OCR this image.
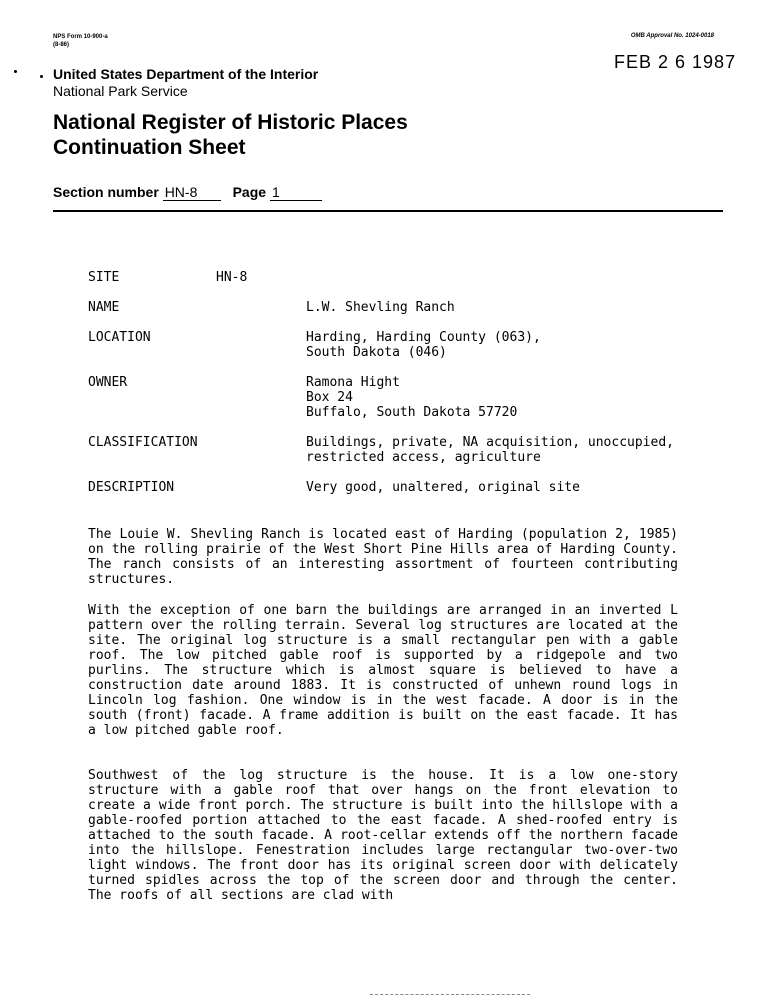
NPS Form 10-900-a
(8-86)
OMB Approval No. 1024-0018
FEB 2 6 1987
United States Department of the Interior
National Park Service
National Register of Historic Places
Continuation Sheet
Section number HN-8	Page 1
SITE	HN-8

NAME	L.W. Shevling Ranch
LOCATION	Harding, Harding County (063),
South Dakota (046)
OWNER	Ramona Hight
Box 24
Buffalo, South Dakota 57720
CLASSIFICATION	Buildings, private, NA acquisition, unoccupied, restricted access, agriculture
DESCRIPTION	Very good, unaltered, original site
The Louie W. Shevling Ranch is located east of Harding (population 2, 1985) on the rolling prairie of the West Short Pine Hills area of Harding County. The ranch consists of an interesting assortment of fourteen contributing structures.
With the exception of one barn the buildings are arranged in an inverted L pattern over the rolling terrain. Several log structures are located at the site. The original log structure is a small rectangular pen with a gable roof. The low pitched gable roof is supported by a ridgepole and two purlins. The structure which is almost square is believed to have a construction date around 1883. It is constructed of unhewn round logs in Lincoln log fashion. One window is in the west facade. A door is in the south (front) facade. A frame addition is built on the east facade. It has a low pitched gable roof.
Southwest of the log structure is the house. It is a low one-story structure with a gable roof that over hangs on the front elevation to create a wide front porch. The structure is built into the hillslope with a gable-roofed portion attached to the east facade. A shed-roofed entry is attached to the south facade. A root-cellar extends off the northern facade into the hillslope. Fenestration includes large rectangular two-over-two light windows. The front door has its original screen door with delicately turned spidles across the top of the screen door and through the center. The roofs of all sections are clad with
